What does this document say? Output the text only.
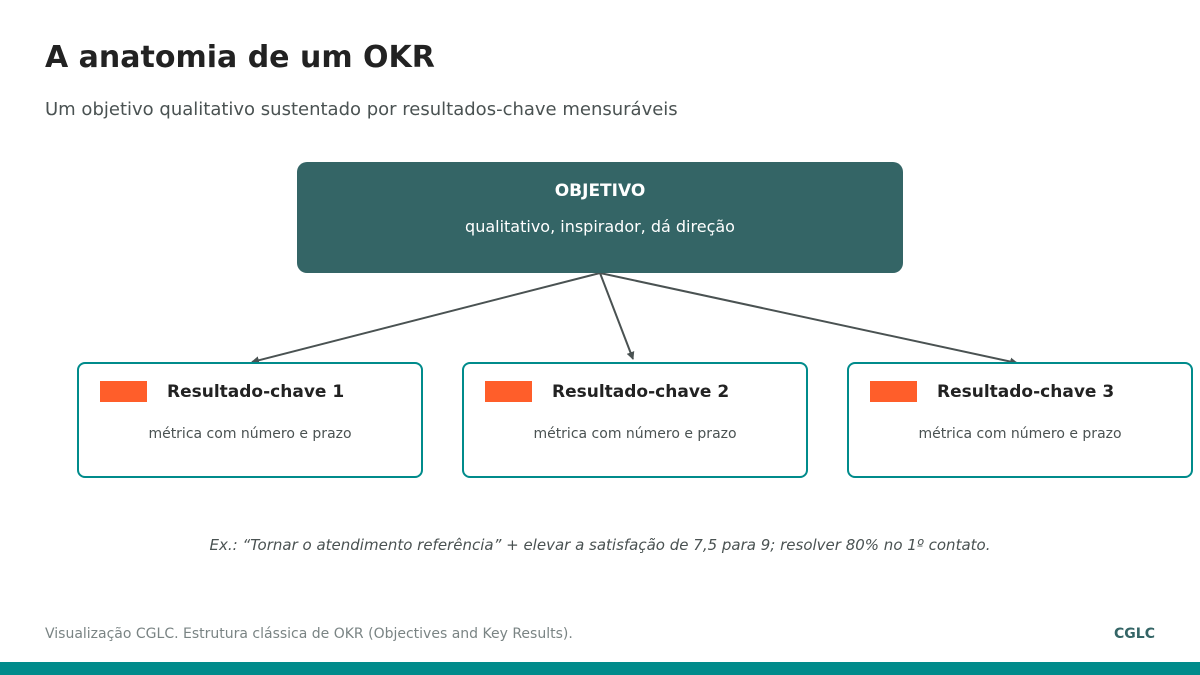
A anatomia de um OKR

Um objetivo qualitativo sustentado por resultados-chave mensuráveis

OBJETIVO
qualitativo, inspirador, dá direção
Resultado-chave 1
métrica com número e prazo
Resultado-chave 2
métrica com número e prazo
Resultado-chave 3
métrica com número e prazo
Ex.: “Tornar o atendimento referência” + elevar a satisfação de 7,5 para 9; resolver 80% no 1º contato.
Visualização CGLC. Estrutura clássica de OKR (Objectives and Key Results).	CGLC
